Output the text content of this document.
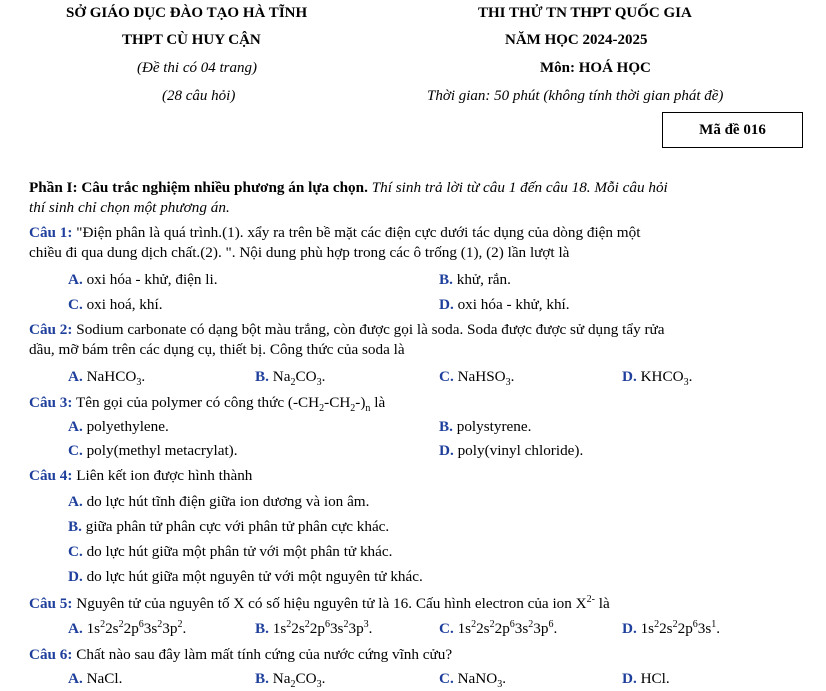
SỞ GIÁO DỤC ĐÀO TẠO HÀ TĨNH
THPT CÙ HUY CẬN
(Đề thi có 04 trang)
(28 câu hỏi)
THI THỬ TN THPT QUỐC GIA
NĂM HỌC 2024-2025
Môn: HOÁ HỌC
Thời gian: 50 phút (không tính thời gian phát đề)
Mã đề 016
Phần I: Câu trắc nghiệm nhiều phương án lựa chọn. Thí sinh trả lời từ câu 1 đến câu 18. Mỗi câu hỏi
thí sinh chỉ chọn một phương án.
Câu 1: "Điện phân là quá trình.(1). xẩy ra trên bề mặt các điện cực dưới tác dụng của dòng điện một
chiều đi qua dung dịch chất.(2). ". Nội dung phù hợp trong các ô trống (1), (2) lần lượt là
A. oxi hóa - khử, điện li.	B. khử, rắn.
C. oxi hoá, khí.	D. oxi hóa - khử, khí.
Câu 2: Sodium carbonate có dạng bột màu trắng, còn được gọi là soda. Soda được được sử dụng tẩy rửa
dầu, mỡ bám trên các dụng cụ, thiết bị. Công thức của soda là
A. NaHCO$_3$.	B. $Na_2CO_3$.	C. NaHSO$_3$.	D. $KHCO_3$.
Câu 3: Tên gọi của polymer có công thức $(-CH_2-CH_2-)_n$ là
A. polyethylene.	B. polystyrene.
C. poly(methyl metacrylat).	D. poly(vinyl chloride).
Câu 4: Liên kết ion được hình thành
A. do lực hút tĩnh điện giữa ion dương và ion âm.
B. giữa phân tử phân cực với phân tử phân cực khác.
C. do lực hút giữa một phân tử với một phân tử khác.
D. do lực hút giữa một nguyên tử với một nguyên tử khác.
Câu 5: Nguyên tử của nguyên tố X có số hiệu nguyên tử là 16. Cấu hình electron của ion $X^{2-}$ là
A. $1s^22s^22p^63s^23p^2$.	B. $1s^22s^22p^63s^23p^3$.	C. $1s^22s^22p^63s^23p^6$.	D. $1s^22s^22p^63s^1$.
Câu 6: Chất nào sau đây làm mất tính cứng của nước cứng vĩnh cửu?
A. NaCl.	B. $Na_2CO_3$.	C. NaNO$_3$.	D. HCl.
